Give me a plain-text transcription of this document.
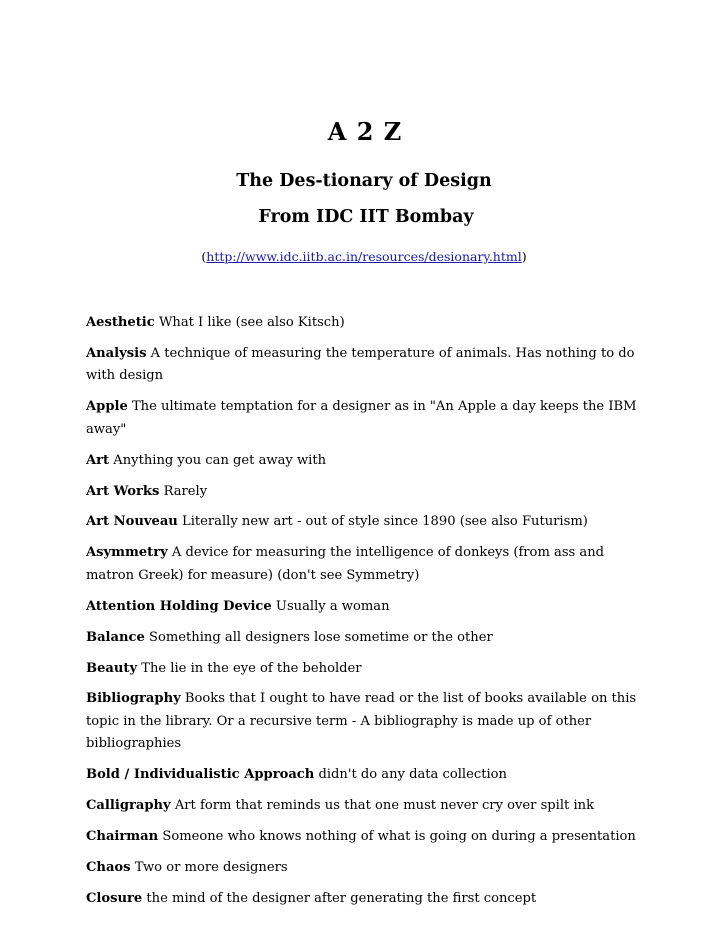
A 2 Z
The Des-tionary of Design
From IDC IIT Bombay
(http://www.idc.iitb.ac.in/resources/desionary.html)
Aesthetic What I like (see also Kitsch)
Analysis A technique of measuring the temperature of animals. Has nothing to do with design
Apple The ultimate temptation for a designer as in "An Apple a day keeps the IBM away"
Art Anything you can get away with
Art Works Rarely
Art Nouveau Literally new art - out of style since 1890 (see also Futurism)
Asymmetry A device for measuring the intelligence of donkeys (from ass and matron Greek) for measure) (don't see Symmetry)
Attention Holding Device Usually a woman
Balance Something all designers lose sometime or the other
Beauty The lie in the eye of the beholder
Bibliography Books that I ought to have read or the list of books available on this topic in the library. Or a recursive term - A bibliography is made up of other bibliographies
Bold / Individualistic Approach didn't do any data collection
Calligraphy Art form that reminds us that one must never cry over spilt ink
Chairman Someone who knows nothing of what is going on during a presentation
Chaos Two or more designers
Closure the mind of the designer after generating the first concept
